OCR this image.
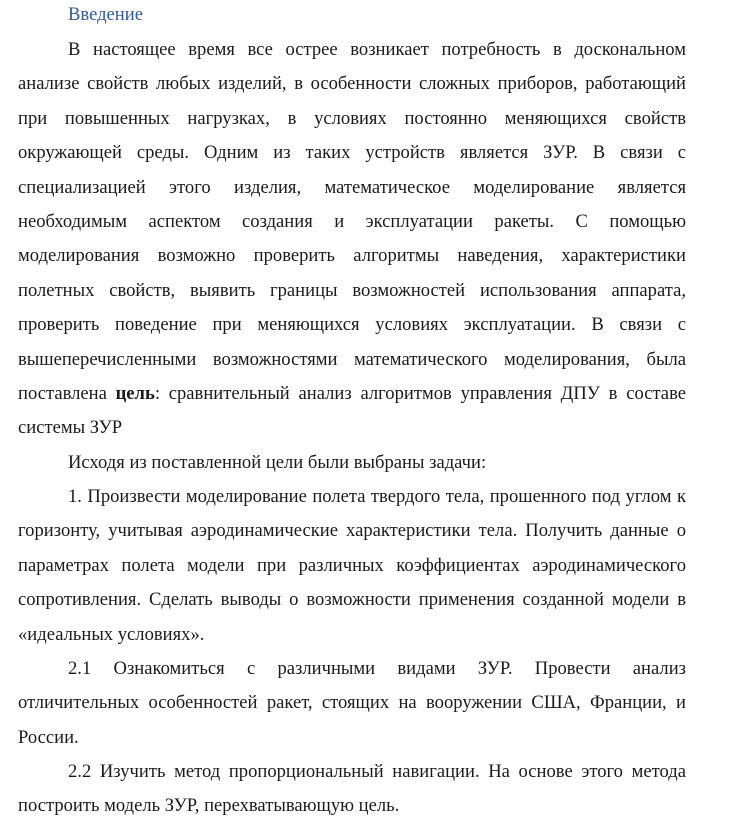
Введение

В настоящее время все острее возникает потребность в доскональном анализе свойств любых изделий, в особенности сложных приборов, работающий при повышенных нагрузках, в условиях постоянно меняющихся свойств окружающей среды. Одним из таких устройств является ЗУР. В связи с специализацией этого изделия, математическое моделирование является необходимым аспектом создания и эксплуатации ракеты. С помощью моделирования возможно проверить алгоритмы наведения, характеристики полетных свойств, выявить границы возможностей использования аппарата, проверить поведение при меняющихся условиях эксплуатации. В связи с вышеперечисленными возможностями математического моделирования, была поставлена цель: сравнительный анализ алгоритмов управления ДПУ в составе системы ЗУР

Исходя из поставленной цели были выбраны задачи:

1. Произвести моделирование полета твердого тела, прошенного под углом к горизонту, учитывая аэродинамические характеристики тела. Получить данные о параметрах полета модели при различных коэффициентах аэродинамического сопротивления. Сделать выводы о возможности применения созданной модели в «идеальных условиях».

2.1 Ознакомиться с различными видами ЗУР. Провести анализ отличительных особенностей ракет, стоящих на вооружении США, Франции, и России.

2.2 Изучить метод пропорциональный навигации. На основе этого метода построить модель ЗУР, перехватывающую цель.
